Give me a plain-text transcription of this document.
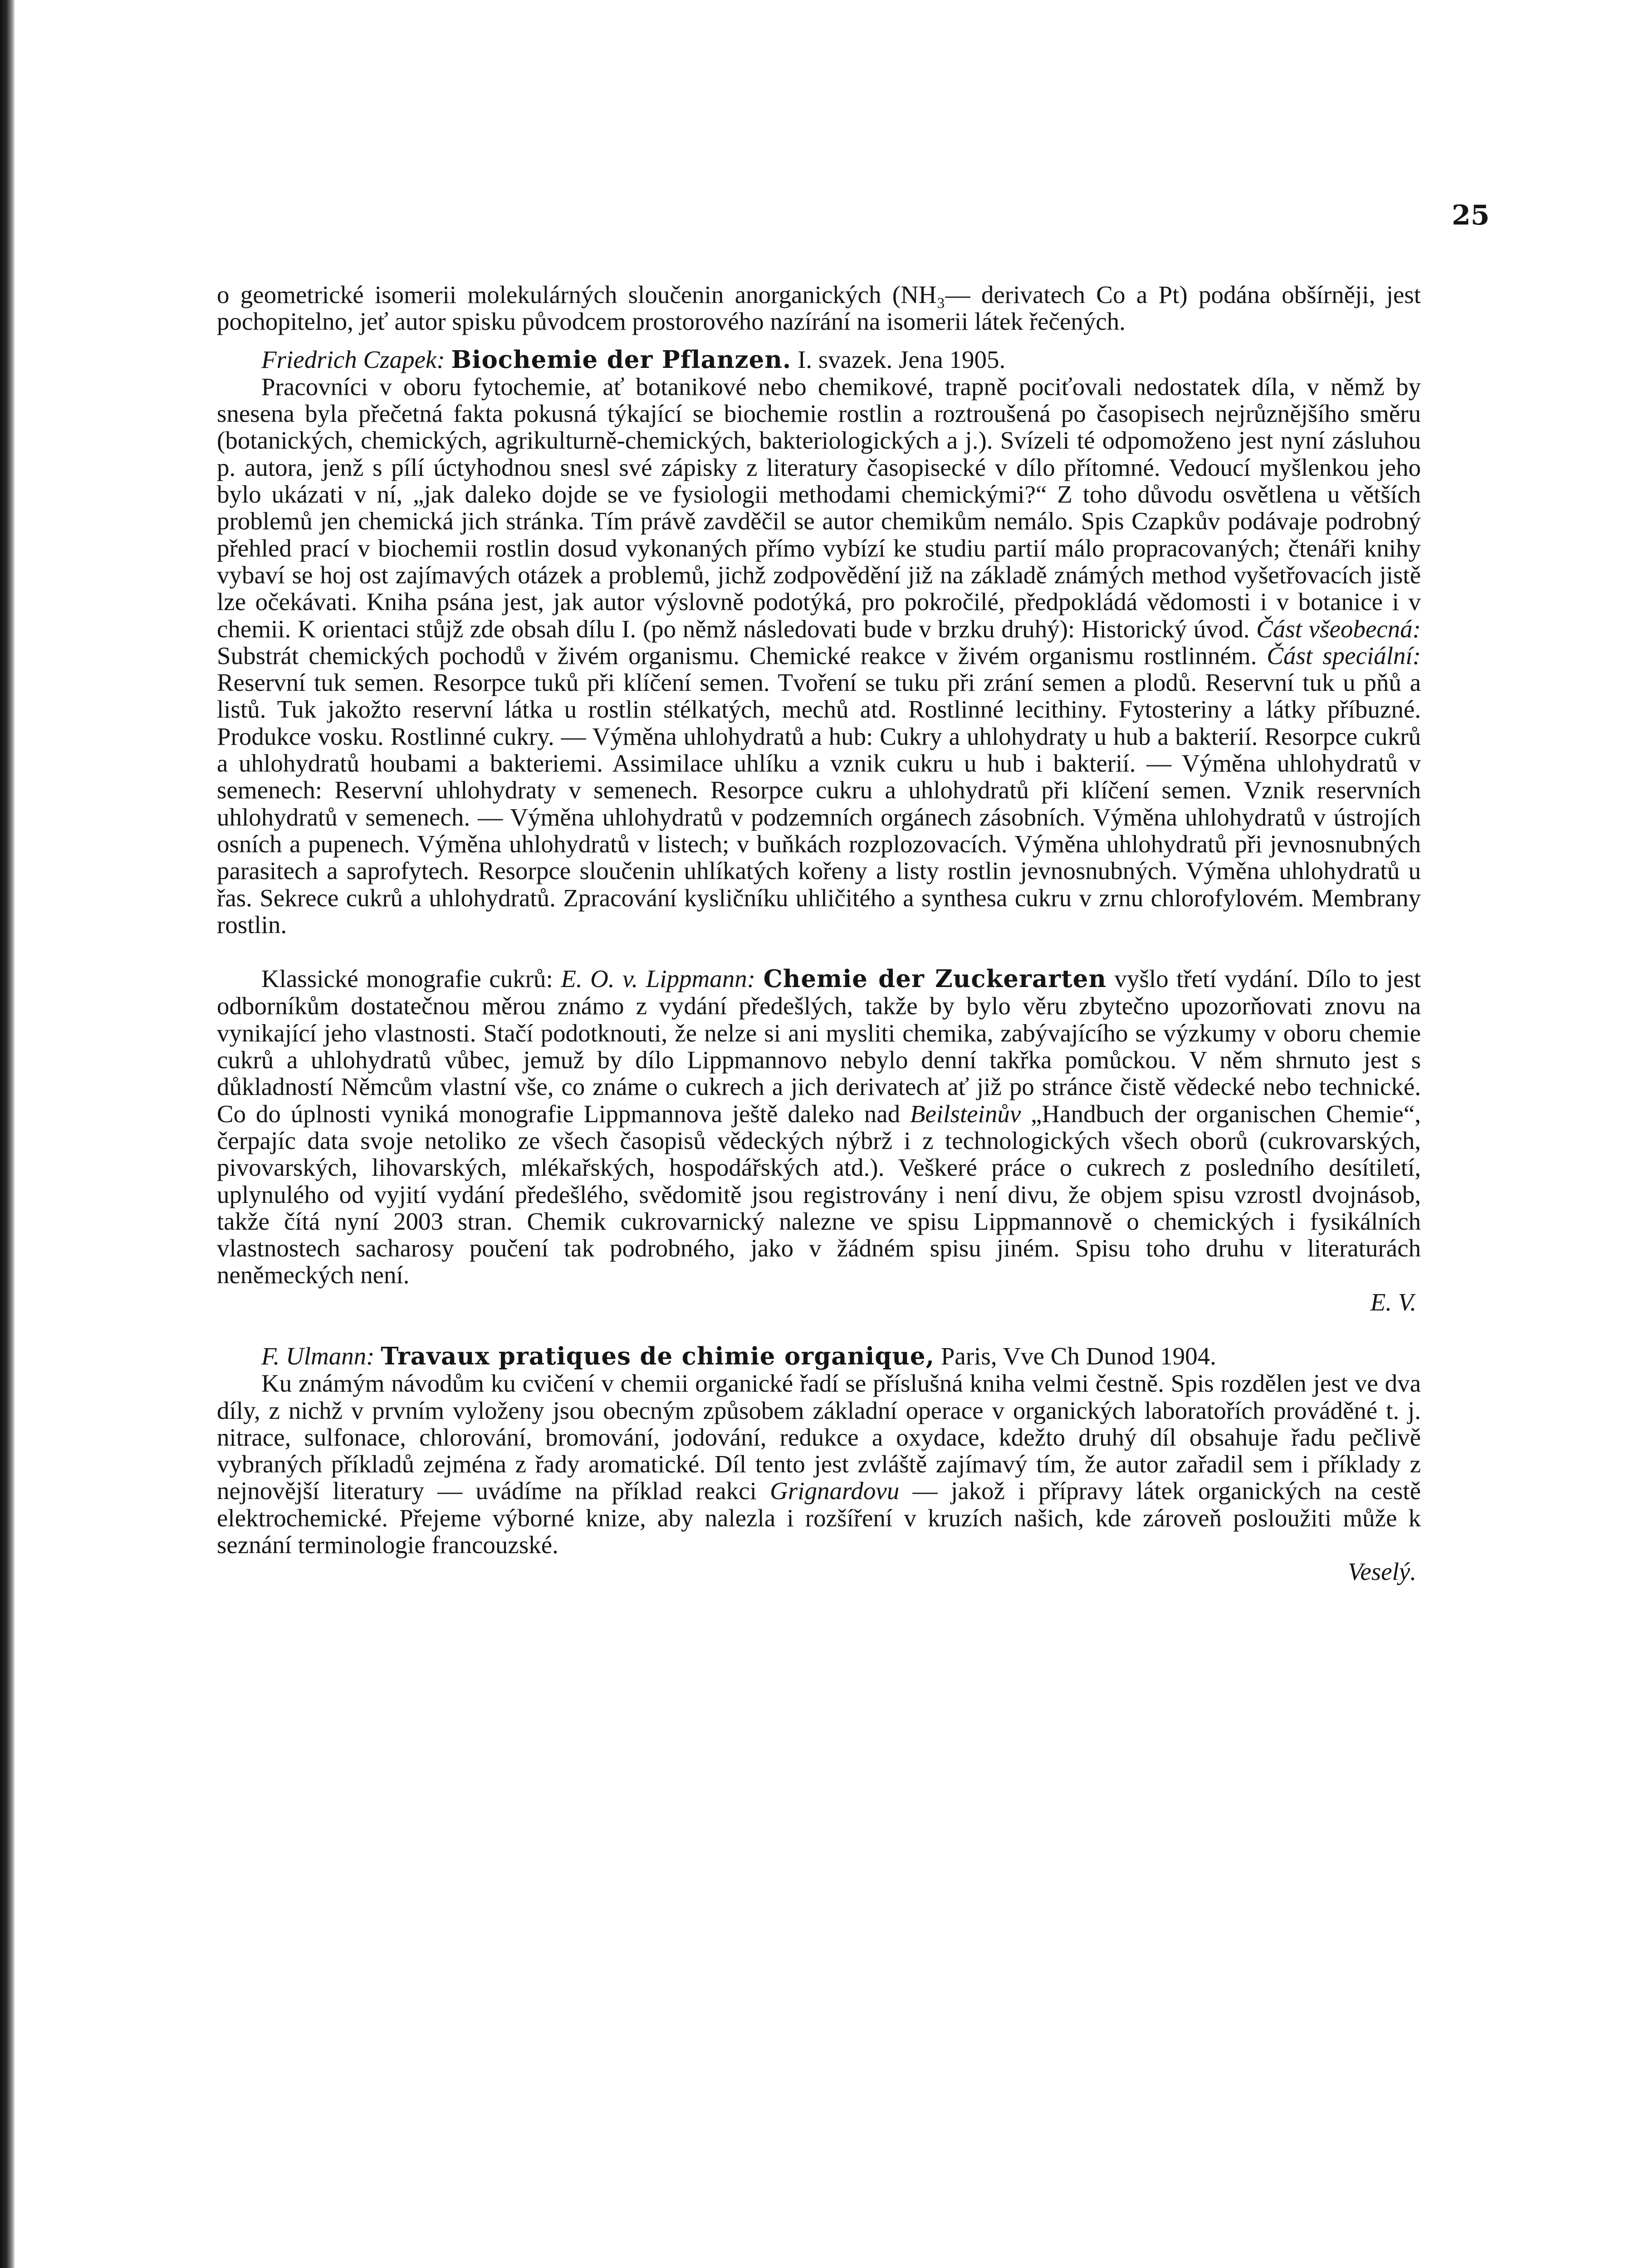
25

o geometrické isomerii molekulárných sloučenin anorganických (NH₃— derivatech Co a Pt) podána obšírněji, jest pochopitelno, jeť autor spisku původcem prostorového nazírání na isomerii látek řečených.

Friedrich Czapek: Biochemie der Pflanzen. I. svazek. Jena 1905.

Pracovníci v oboru fytochemie, ať botanikové nebo chemikové, trapně pociťovali nedostatek díla, v němž by snesena byla přečetná fakta pokusná týkající se biochemie rostlin a roztroušená po časopisech nejrůznějšího směru (botanických, chemických, agrikulturně-chemických, bakteriologických a j.). Svízeli té odpomoženo jest nyní zásluhou p. autora, jenž s pílí úctyhodnou snesl své zápisky z literatury časopisecké v dílo přítomné. Vedoucí myšlenkou jeho bylo ukázati v ní, „jak daleko dojde se ve fysiologii methodami chemickými?“ Z toho důvodu osvětlena u větších problemů jen chemická jich stránka. Tím právě zavděčil se autor chemikům nemálo. Spis Czapkův podávaje podrobný přehled prací v biochemii rostlin dosud vykonaných přímo vybízí ke studiu partií málo propracovaných; čtenáři knihy vybaví se hoj ost zajímavých otázek a problemů, jichž zodpovědění již na základě známých method vyšetřovacích jistě lze očekávati. Kniha psána jest, jak autor výslovně podotýká, pro pokročilé, předpokládá vědomosti i v botanice i v chemii. K orientaci stůjž zde obsah dílu I. (po němž následovati bude v brzku druhý): Historický úvod. Část všeobecná: Substrát chemických pochodů v živém organismu. Chemické reakce v živém organismu rostlinném. Část speciální: Reservní tuk semen. Resorpce tuků při klíčení semen. Tvoření se tuku při zrání semen a plodů. Reservní tuk u pňů a listů. Tuk jakožto reservní látka u rostlin stélkatých, mechů atd. Rostlinné lecithiny. Fytosteriny a látky příbuzné. Produkce vosku. Rostlinné cukry. — Výměna uhlohydratů a hub: Cukry a uhlohydraty u hub a bakterií. Resorpce cukrů a uhlohydratů houbami a bakteriemi. Assimilace uhlíku a vznik cukru u hub i bakterií. — Výměna uhlohydratů v semenech: Reservní uhlohydraty v semenech. Resorpce cukru a uhlohydratů při klíčení semen. Vznik reservních uhlohydratů v semenech. — Výměna uhlohydratů v podzemních orgánech zásobních. Výměna uhlohydratů v ústrojích osních a pupenech. Výměna uhlohydratů v listech; v buňkách rozplozovacích. Výměna uhlohydratů při jevnosnubných parasitech a saprofytech. Resorpce sloučenin uhlíkatých kořeny a listy rostlin jevnosnubných. Výměna uhlohydratů u řas. Sekrece cukrů a uhlohydratů. Zpracování kysličníku uhličitého a synthesa cukru v zrnu chlorofylovém. Membrany rostlin.

Klassické monografie cukrů: E. O. v. Lippmann: Chemie der Zuckerarten vyšlo třetí vydání. Dílo to jest odborníkům dostatečnou měrou známo z vydání předešlých, takže by bylo věru zbytečno upozorňovati znovu na vynikající jeho vlastnosti. Stačí podotknouti, že nelze si ani mysliti chemika, zabývajícího se výzkumy v oboru chemie cukrů a uhlohydratů vůbec, jemuž by dílo Lippmannovo nebylo denní takřka pomůckou. V něm shrnuto jest s důkladností Němcům vlastní vše, co známe o cukrech a jich derivatech ať již po stránce čistě vědecké nebo technické. Co do úplnosti vyniká monografie Lippmannova ještě daleko nad Beilsteinův „Handbuch der organischen Chemie“, čerpajíc data svoje netoliko ze všech časopisů vědeckých nýbrž i z technologických všech oborů (cukrovarských, pivovarských, lihovarských, mlékařských, hospodářských atd.). Veškeré práce o cukrech z posledního desítiletí, uplynulého od vyjití vydání předešlého, svědomitě jsou registrovány i není divu, že objem spisu vzrostl dvojnásob, takže čítá nyní 2003 stran. Chemik cukrovarnický nalezne ve spisu Lippmannově o chemických i fysikálních vlastnostech sacharosy poučení tak podrobného, jako v žádném spisu jiném. Spisu toho druhu v literaturách neněmeckých není.

E. V.

F. Ulmann: Travaux pratiques de chimie organique, Paris, Vve Ch Dunod 1904.

Ku známým návodům ku cvičení v chemii organické řadí se příslušná kniha velmi čestně. Spis rozdělen jest ve dva díly, z nichž v prvním vyloženy jsou obecným způsobem základní operace v organických laboratořích prováděné t. j. nitrace, sulfonace, chlorování, bromování, jodování, redukce a oxydace, kdežto druhý díl obsahuje řadu pečlivě vybraných příkladů zejména z řady aromatické. Díl tento jest zvláště zajímavý tím, že autor zařadil sem i příklady z nejnovější literatury — uvádíme na příklad reakci Grignardovu — jakož i přípravy látek organických na cestě elektrochemické. Přejeme výborné knize, aby nalezla i rozšíření v kruzích našich, kde zároveň posloužiti může k seznání terminologie francouzské.

Veselý.
